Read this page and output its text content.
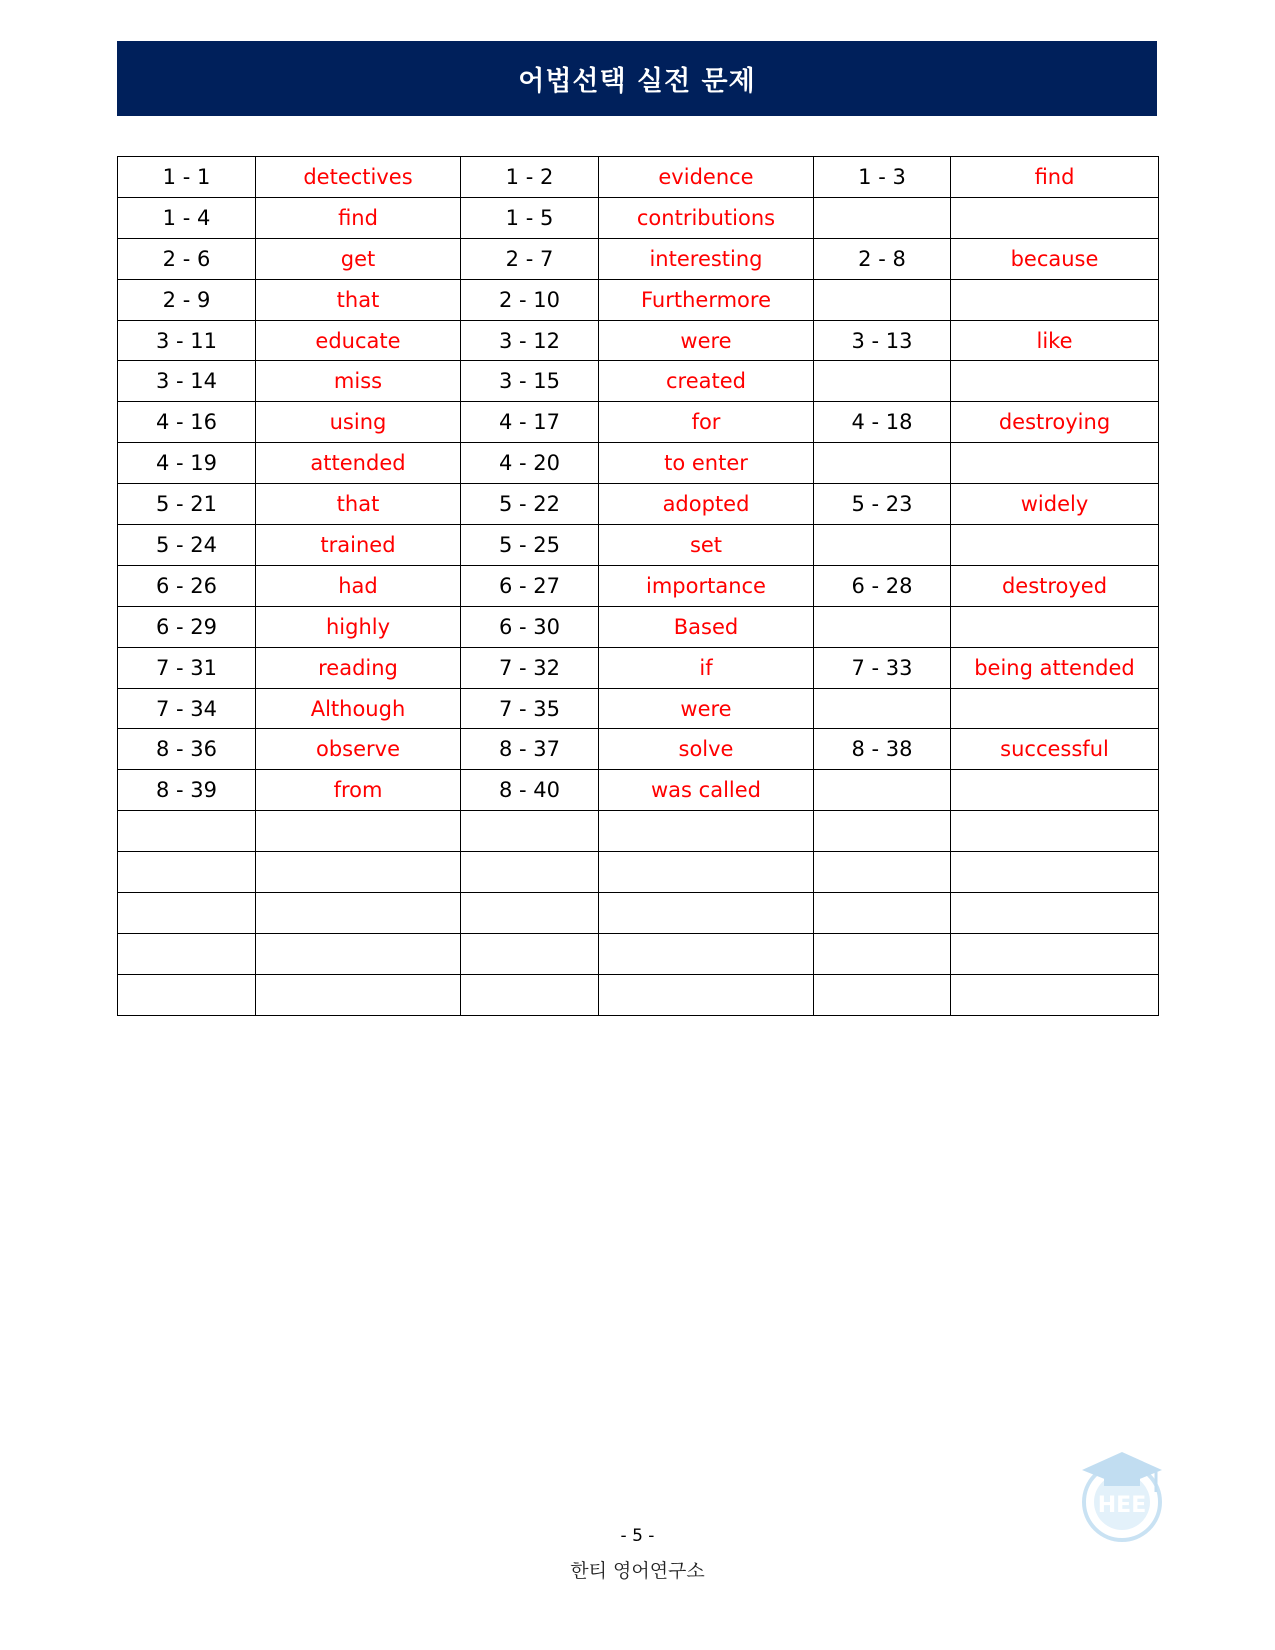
어법선택 실전 문제
1 - 1	detectives	1 - 2	evidence	1 - 3	find
1 - 4	find	1 - 5	contributions		
2 - 6	get	2 - 7	interesting	2 - 8	because
2 - 9	that	2 - 10	Furthermore		
3 - 11	educate	3 - 12	were	3 - 13	like
3 - 14	miss	3 - 15	created		
4 - 16	using	4 - 17	for	4 - 18	destroying
4 - 19	attended	4 - 20	to enter		
5 - 21	that	5 - 22	adopted	5 - 23	widely
5 - 24	trained	5 - 25	set		
6 - 26	had	6 - 27	importance	6 - 28	destroyed
6 - 29	highly	6 - 30	Based		
7 - 31	reading	7 - 32	if	7 - 33	being attended
7 - 34	Although	7 - 35	were		
8 - 36	observe	8 - 37	solve	8 - 38	successful
8 - 39	from	8 - 40	was called		

HEE
- 5 -
한티 영어연구소
